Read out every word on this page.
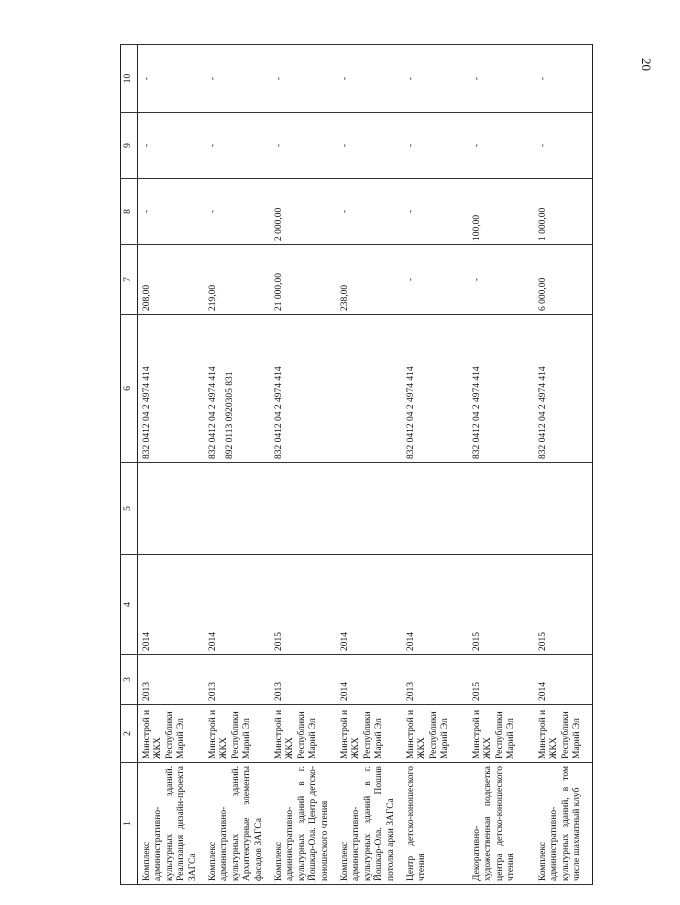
20
1	2	3	4	5	6	7	8	9	10
Комплекс административно-культурных зданий. Реализация дизайн-проекта ЗАГСа	Минстрой и ЖКХ Республики Марий Эл	2013	2014		832 0412 04 2 4974 414	208,00	-	-	-
Комплекс административно-культурных зданий. Архитектурные элементы фасадов ЗАГСа	Минстрой и ЖКХ Республики Марий Эл	2013	2014		832 0412 04 2 4974 414 892 0113 0920305 831	219,00	-	-	-
Комплекс административно-культурных зданий в г. Йошкар-Ола. Центр детско-юношеского чтения	Минстрой и ЖКХ Республики Марий Эл	2013	2015		832 0412 04 2 4974 414	21 000,00	2 000,00	-	-
Комплекс административно-культурных зданий в г. Йошкар-Ола. Пошив потолка арки ЗАГСа	Минстрой и ЖКХ Республики Марий Эл	2014	2014			238,00	-	-	-
Центр детско-юношеского чтения	Минстрой и ЖКХ Республики Марий Эл	2013	2014		832 0412 04 2 4974 414	-	-	-	-
Декоративно-художественная подсветка центра детско-юношеского чтения	Минстрой и ЖКХ Республики Марий Эл	2015	2015		832 0412 04 2 4974 414	-	100,00	-	-
Комплекс административно-культурных зданий, в том числе шахматный клуб	Минстрой и ЖКХ Республики Марий Эл	2014	2015		832 0412 04 2 4974 414	6 000,00	1 000,00	-	-
